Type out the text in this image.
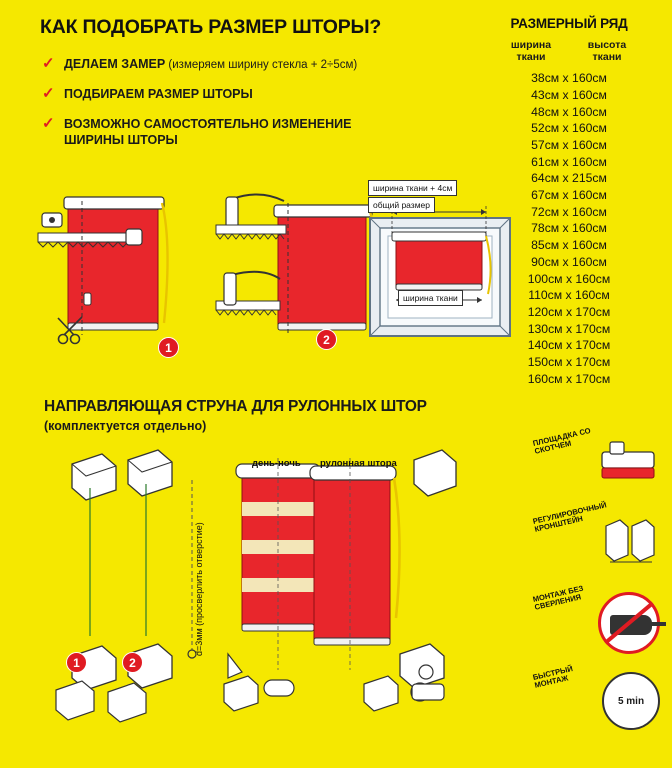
КАК ПОДОБРАТЬ РАЗМЕР ШТОРЫ?
✓ ДЕЛАЕМ ЗАМЕР (измеряем ширину стекла + 2÷5см)
✓ ПОДБИРАЕМ РАЗМЕР ШТОРЫ
✓ ВОЗМОЖНО САМОСТОЯТЕЛЬНО ИЗМЕНЕНИЕ
ШИРИНЫ ШТОРЫ
РАЗМЕРНЫЙ РЯД
ширина ткани
высота ткани
38см х 160см
43см х 160см
48см х 160см
52см х 160см
57см х 160см
61см х 160см
64см х 215см
67см х 160см
72см х 160см
78см х 160см
85см х 160см
90см х 160см
100см х 160см
110см х 160см
120см х 170см
130см х 170см
140см х 170см
150см х 170см
160см х 170см
1
2
ширина ткани + 4см
общий размер
ширина ткани
НАПРАВЛЯЮЩАЯ СТРУНА ДЛЯ РУЛОННЫХ ШТОР
(комплектуется отдельно)
1	2
день-ночь рулонная штора
d=3мм (просверлить отверстие)
ПЛОЩАДКА СО СКОТЧЕМ
РЕГУЛИРОВОЧНЫЙ КРОНШТЕЙН
МОНТАЖ БЕЗ СВЕРЛЕНИЯ
БЫСТРЫЙ МОНТАЖ
5 min
